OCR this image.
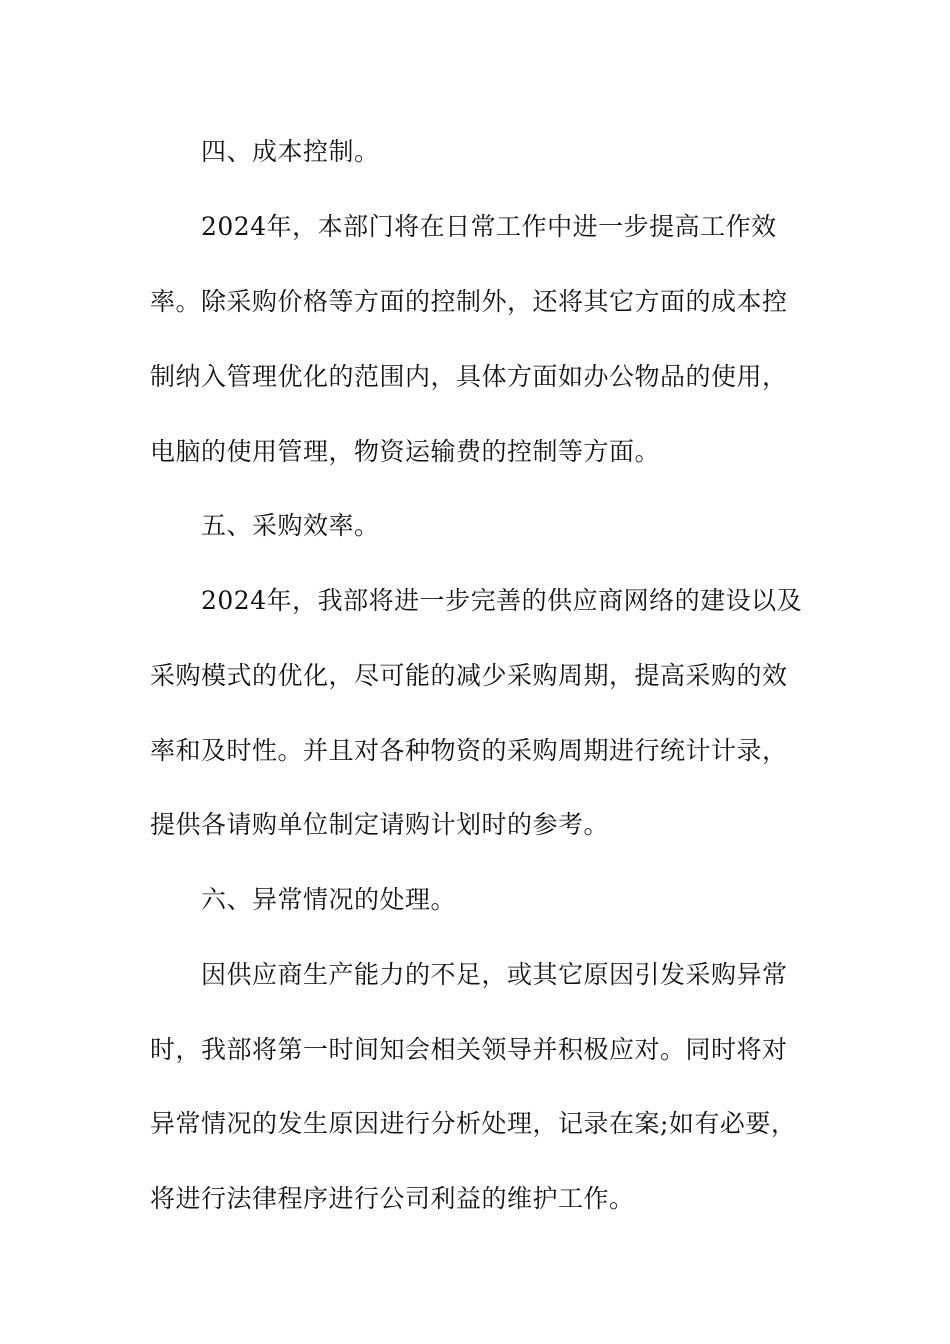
四、成本控制。
2024年，本部门将在日常工作中进一步提高工作效
率。除采购价格等方面的控制外，还将其它方面的成本控
制纳入管理优化的范围内，具体方面如办公物品的使用，
电脑的使用管理，物资运输费的控制等方面。
五、采购效率。
2024年，我部将进一步完善的供应商网络的建设以及
采购模式的优化，尽可能的减少采购周期，提高采购的效
率和及时性。并且对各种物资的采购周期进行统计计录，
提供各请购单位制定请购计划时的参考。
六、异常情况的处理。
因供应商生产能力的不足，或其它原因引发采购异常
时，我部将第一时间知会相关领导并积极应对。同时将对
异常情况的发生原因进行分析处理，记录在案;如有必要，
将进行法律程序进行公司利益的维护工作。
